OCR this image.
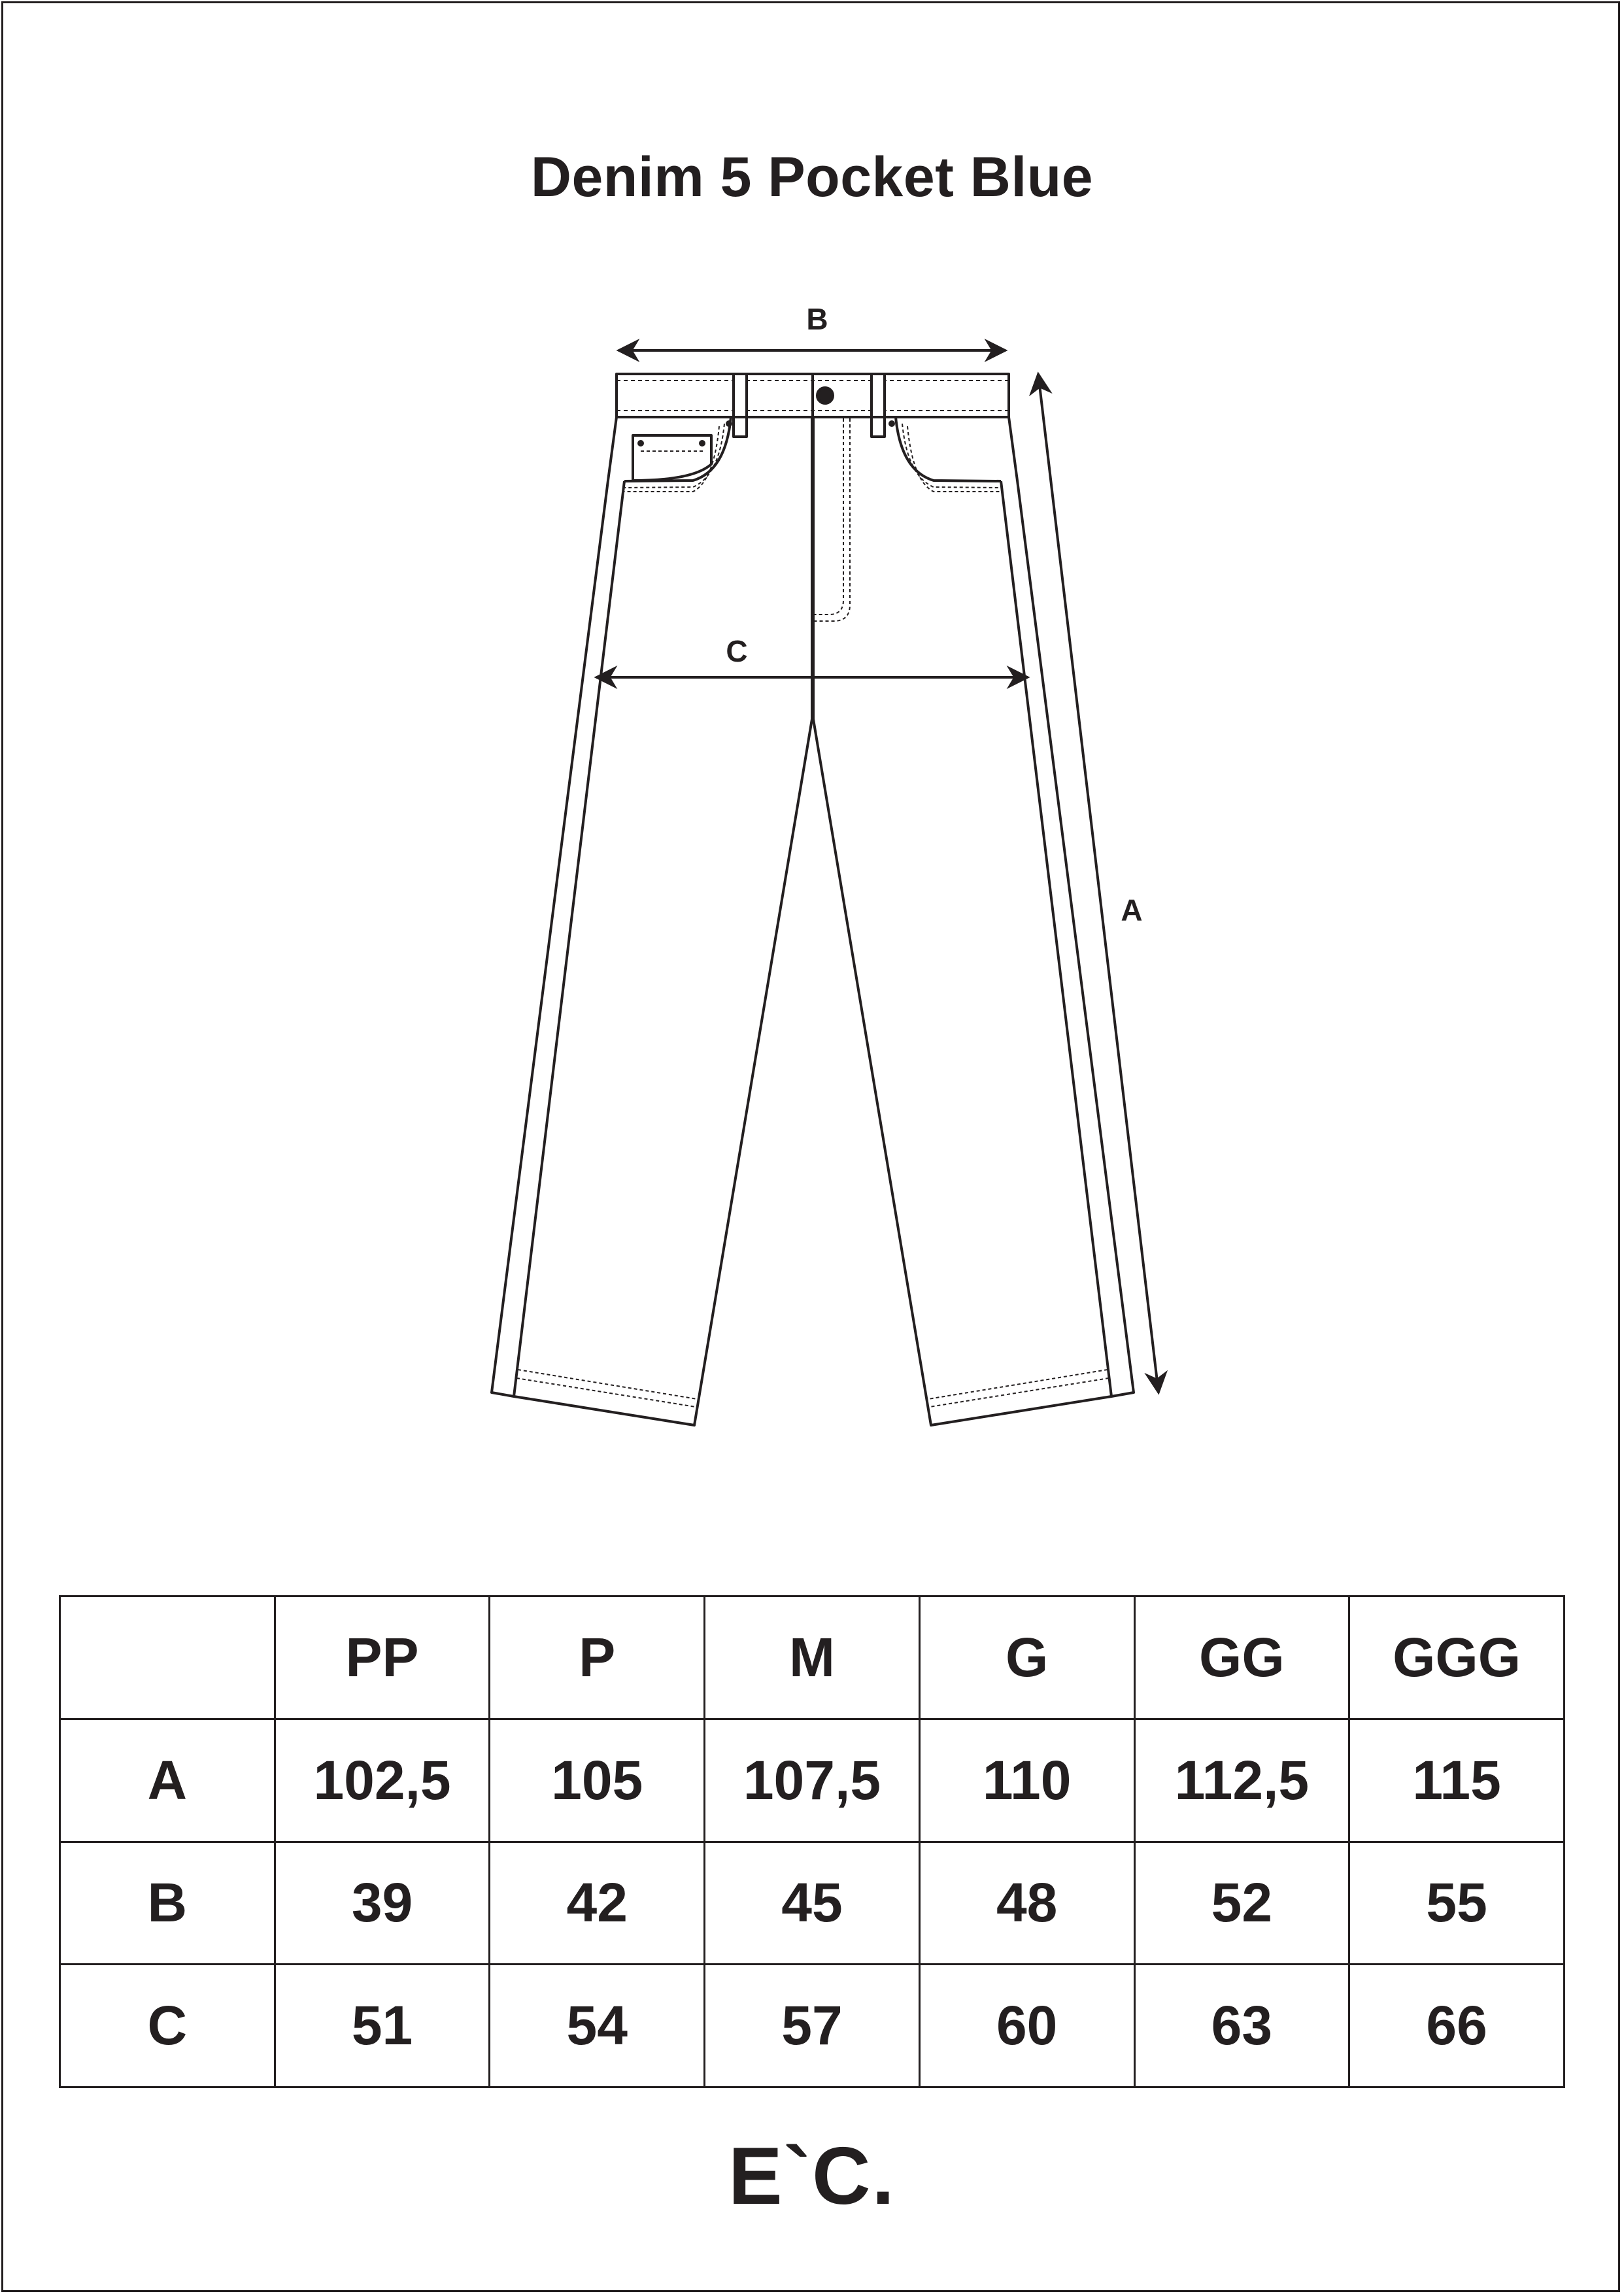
Denim 5 Pocket Blue
B
C
A
	PP	P	M	G	GG	GGG
A	102,5	105	107,5	110	112,5	115
B	39	42	45	48	52	55
C	51	54	57	60	63	66
E`C.
